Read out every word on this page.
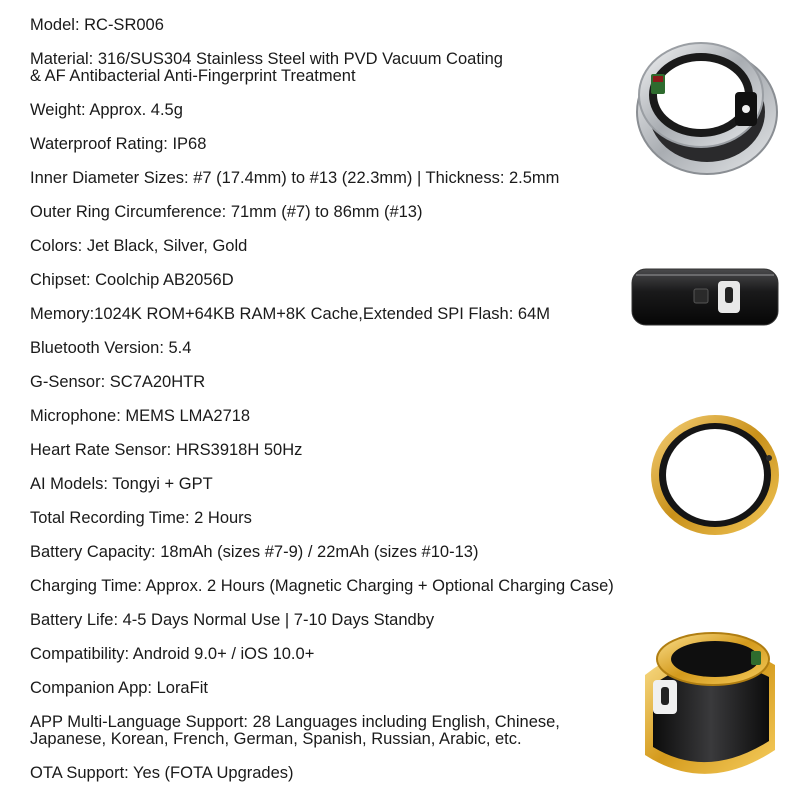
Model: RC-SR006

Material: 316/SUS304 Stainless Steel with PVD Vacuum Coating

& AF Antibacterial Anti-Fingerprint Treatment

Weight: Approx. 4.5g

Waterproof Rating: IP68

Inner Diameter Sizes: #7 (17.4mm) to #13 (22.3mm) | Thickness: 2.5mm

Outer Ring Circumference: 71mm (#7) to 86mm (#13)

Colors: Jet Black, Silver, Gold

Chipset: Coolchip AB2056D

Memory:1024K ROM+64KB RAM+8K Cache,Extended SPI Flash: 64M

Bluetooth Version: 5.4

G-Sensor: SC7A20HTR

Microphone: MEMS LMA2718

Heart Rate Sensor: HRS3918H 50Hz

AI Models: Tongyi + GPT

Total Recording Time: 2 Hours

Battery Capacity: 18mAh (sizes #7-9) / 22mAh (sizes #10-13)

Charging Time: Approx. 2 Hours (Magnetic Charging + Optional Charging Case)

Battery Life: 4-5 Days Normal Use | 7-10 Days Standby

Compatibility: Android 9.0+ / iOS 10.0+

Companion App: LoraFit

APP Multi-Language Support: 28 Languages including English, Chinese,

Japanese, Korean, French, German, Spanish, Russian, Arabic, etc.

OTA Support: Yes (FOTA Upgrades)
